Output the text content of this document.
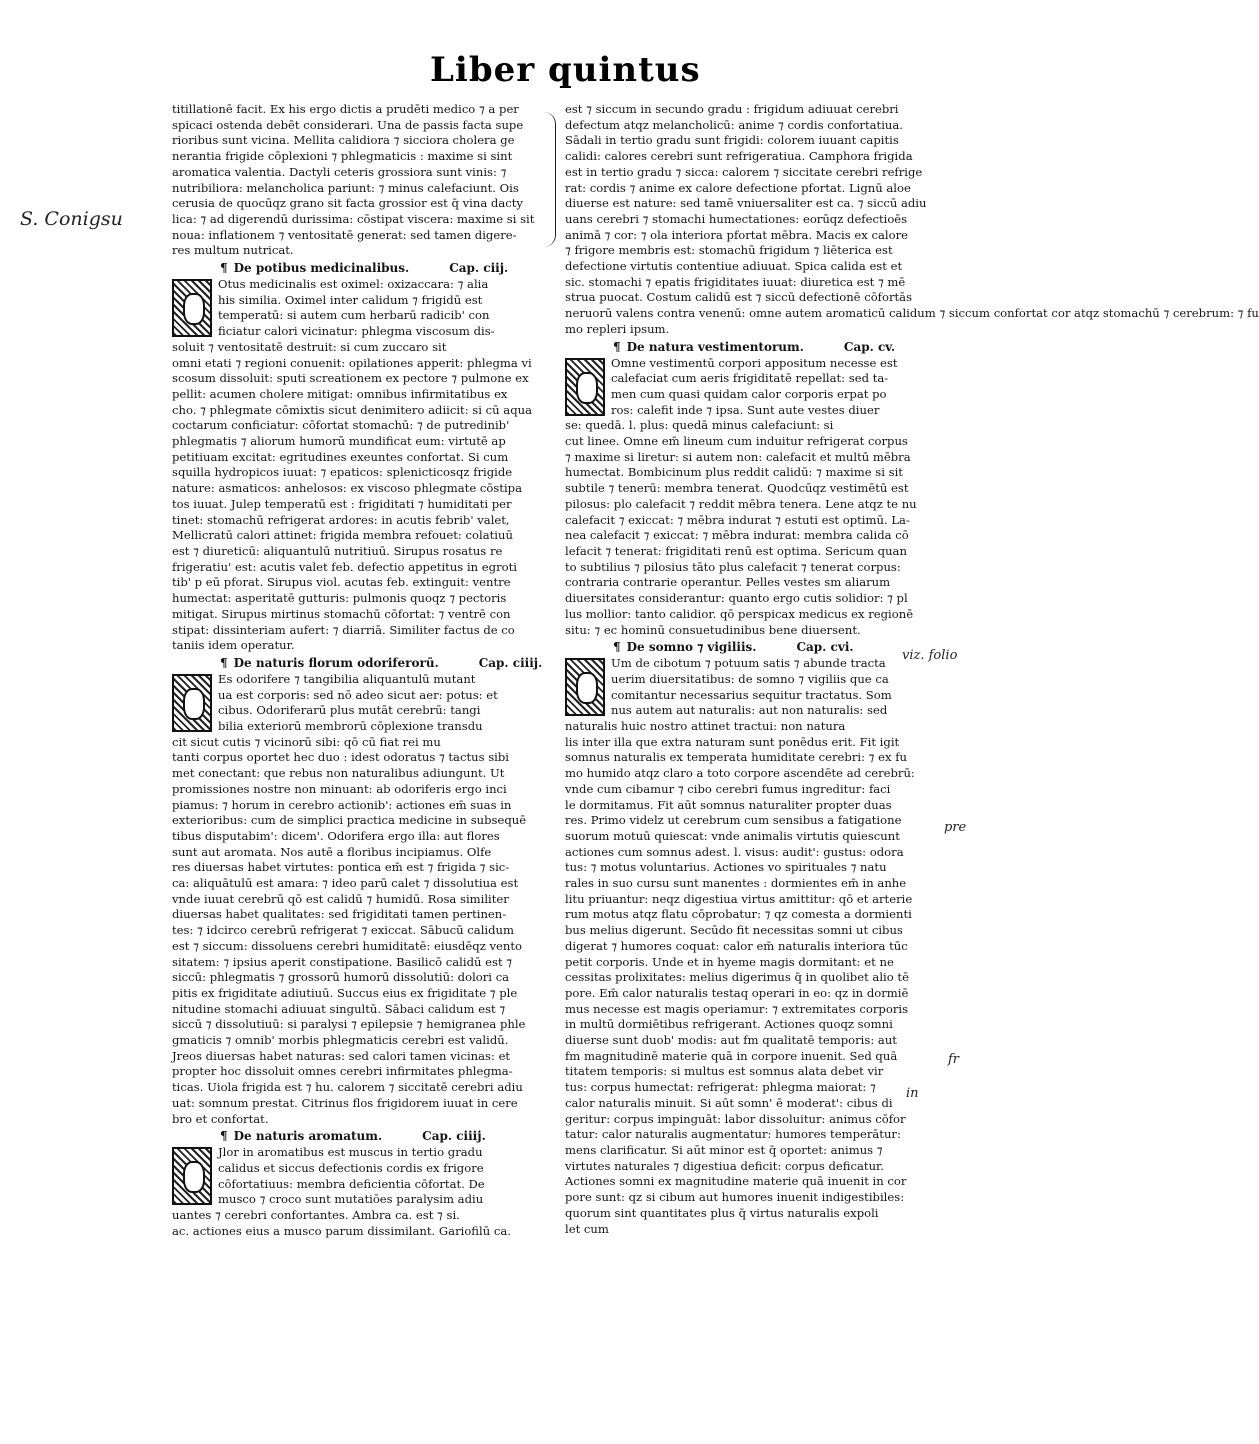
Liber quintus
S. Conigsu
titillationē facit. Ex his ergo dictis a prudēti medico ⁊ a per
spicaci ostenda debēt considerari. Una de passis facta supe
rioribus sunt vicina. Mellita calidiora ⁊ sicciora cholera ge
nerantia frigide cōplexioni ⁊ phlegmaticis : maxime si sint
aromatica valentia. Dactyli ceteris grossiora sunt vinis: ⁊
nutribiliora: melancholica pariunt: ⁊ minus calefaciunt. Ois
cerusia de quocūqz grano sit facta grossior est q̄ vina dacty
lica: ⁊ ad digerendū durissima: cōstipat viscera: maxime si sit
noua: inflationem ⁊ ventositatē generat: sed tamen digere-
res multum nutricat.
¶ De potibus medicinalibus.	Cap. ciij.
Otus medicinalis est oximel: oxizaccara: ⁊ alia
his similia. Oximel inter calidum ⁊ frigidū est
temperatū: si autem cum herbarū radicib' con
ficiatur calori vicinatur: phlegma viscosum dis-
soluit ⁊ ventositatē destruit: si cum zuccaro sit
omni etati ⁊ regioni conuenit: opilationes apperit: phlegma vi
scosum dissoluit: sputi screationem ex pectore ⁊ pulmone ex
pellit: acumen cholere mitigat: omnibus infirmitatibus ex
cho. ⁊ phlegmate cōmixtis sicut denimitero adiicit: si cū aqua
coctarum conficiatur: cōfortat stomachū: ⁊ de putredinib'
phlegmatis ⁊ aliorum humorū mundificat eum: virtutē ap
petitiuam excitat: egritudines exeuntes confortat. Si cum
squilla hydropicos iuuat: ⁊ epaticos: splenicticosqz frigide
nature: asmaticos: anhelosos: ex viscoso phlegmate cōstipa
tos iuuat. Julep temperatū est : frigiditati ⁊ humiditati per
tinet: stomachū refrigerat ardores: in acutis febrib' valet,
Mellicratū calori attinet: frigida membra refouet: colatiuū
est ⁊ diureticū: aliquantulū nutritiuū. Sirupus rosatus re
frigeratiu' est: acutis valet feb. defectio appetitus in egroti
tib' p eū pforat. Sirupus viol. acutas feb. extinguit: ventre
humectat: asperitatē gutturis: pulmonis quoqz ⁊ pectoris
mitigat. Sirupus mirtinus stomachū cōfortat: ⁊ ventrē con
stipat: dissinteriam aufert: ⁊ diarriā. Similiter factus de co
taniis idem operatur.
¶ De naturis florum odoriferorū.	Cap. ciiij.
Es odorifere ⁊ tangibilia aliquantulū mutant
ua est corporis: sed nō adeo sicut aer: potus: et
cibus. Odoriferarū plus mutāt cerebrū: tangi
bilia exteriorū membrorū cōplexione transdu
cit sicut cutis ⁊ vicinorū sibi: qō cū fiat rei mu
tanti corpus oportet hec duo : idest odoratus ⁊ tactus sibi
met conectant: que rebus non naturalibus adiungunt. Ut
promissiones nostre non minuant: ab odoriferis ergo inci
piamus: ⁊ horum in cerebro actionib': actiones em̄ suas in
exterioribus: cum de simplici practica medicine in subsequē
tibus disputabim': dicem'. Odorifera ergo illa: aut flores
sunt aut aromata. Nos autē a floribus incipiamus. Olfe
res diuersas habet virtutes: pontica em̄ est ⁊ frigida ⁊ sic-
ca: aliquātulū est amara: ⁊ ideo parū calet ⁊ dissolutiua est
vnde iuuat cerebrū qō est calidū ⁊ humidū. Rosa similiter
diuersas habet qualitates: sed frigiditati tamen pertinen-
tes: ⁊ idcirco cerebrū refrigerat ⁊ exiccat. Sābucū calidum
est ⁊ siccum: dissoluens cerebri humiditatē: eiusdēqz vento
sitatem: ⁊ ipsius aperit constipatione. Basilicō calidū est ⁊
siccū: phlegmatis ⁊ grossorū humorū dissolutiū: dolori ca
pitis ex frigiditate adiutiuū. Succus eius ex frigiditate ⁊ ple
nitudine stomachi adiuuat singultū. Sābaci calidum est ⁊
siccū ⁊ dissolutiuū: si paralysi ⁊ epilepsie ⁊ hemigranea phle
gmaticis ⁊ omnib' morbis phlegmaticis cerebri est validū.
Jreos diuersas habet naturas: sed calori tamen vicinas: et
propter hoc dissoluit omnes cerebri infirmitates phlegma-
ticas. Uiola frigida est ⁊ hu. calorem ⁊ siccitatē cerebri adiu
uat: somnum prestat. Citrinus flos frigidorem iuuat in cere
bro et confortat.
¶ De naturis aromatum.	Cap. ciiij.
Jlor in aromatibus est muscus in tertio gradu
calidus et siccus defectionis cordis ex frigore
cōfortatiuus: membra deficientia cōfortat. De
musco ⁊ croco sunt mutatiōes paralysim adiu
uantes ⁊ cerebri confortantes. Ambra ca. est ⁊ si.
ac. actiones eius a musco parum dissimilant. Gariofilū ca.
est ⁊ siccum in secundo gradu : frigidum adiuuat cerebri
defectum atqz melancholicū: anime ⁊ cordis confortatiua.
Sādali in tertio gradu sunt frigidi: colorem iuuant capitis
calidi: calores cerebri sunt refrigeratiua. Camphora frigida
est in tertio gradu ⁊ sicca: calorem ⁊ siccitate cerebri refrige
rat: cordis ⁊ anime ex calore defectione pfortat. Lignū aloe
diuerse est nature: sed tamē vniuersaliter est ca. ⁊ siccū adiu
uans cerebri ⁊ stomachi humectationes: eorūqz defectioēs
animā ⁊ cor: ⁊ ola interiora pfortat mēbra. Macis ex calore
⁊ frigore membris est: stomachū frigidum ⁊ liēterica est
defectione virtutis contentiue adiuuat. Spica calida est et
sic. stomachi ⁊ epatis frigiditates iuuat: diuretica est ⁊ mē
strua puocat. Costum calidū est ⁊ siccū defectionē cōfortās
neruorū valens contra venenū: omne autem aromaticū calidum ⁊ siccum confortat cor atqz stomachū ⁊ cerebrum: ⁊ fu
mo repleri ipsum.
¶ De natura vestimentorum.	Cap. cv.
Omne vestimentū corpori appositum necesse est
calefaciat cum aeris frigiditatē repellat: sed ta-
men cum quasi quidam calor corporis erpat po
ros: calefit inde ⁊ ipsa. Sunt aute vestes diuer
se: quedā. l. plus: quedā minus calefaciunt: si
cut linee. Omne em̄ lineum cum induitur refrigerat corpus
⁊ maxime si liretur: si autem non: calefacit et multū mēbra
humectat. Bombicinum plus reddit calidū: ⁊ maxime si sit
subtile ⁊ tenerū: membra tenerat. Quodcūqz vestimētū est
pilosus: plo calefacit ⁊ reddit mēbra tenera. Lene atqz te nu
calefacit ⁊ exiccat: ⁊ mēbra indurat ⁊ estuti est optimū. La-
nea calefacit ⁊ exiccat: ⁊ mēbra indurat: membra calida cō
lefacit ⁊ tenerat: frigiditati renū est optima. Sericum quan
to subtilius ⁊ pilosius tāto plus calefacit ⁊ tenerat corpus:
contraria contrarie operantur. Pelles vestes sm aliarum
diuersitates considerantur: quanto ergo cutis solidior: ⁊ pl
lus mollior: tanto calidior. qō perspicax medicus ex regionē
situ: ⁊ ec hominū consuetudinibus bene diuersent.
¶ De somno ⁊ vigiliis.	Cap. cvi.
Um de cibotum ⁊ potuum satis ⁊ abunde tracta
uerim diuersitatibus: de somno ⁊ vigiliis que ca
comitantur necessarius sequitur tractatus. Som
nus autem aut naturalis: aut non naturalis: sed
naturalis huic nostro attinet tractui: non natura
lis inter illa que extra naturam sunt ponēdus erit. Fit igit
somnus naturalis ex temperata humiditate cerebri: ⁊ ex fu
mo humido atqz claro a toto corpore ascendēte ad cerebrū:
vnde cum cibamur ⁊ cibo cerebri fumus ingreditur: faci
le dormitamus. Fit aūt somnus naturaliter propter duas
res. Primo videlz ut cerebrum cum sensibus a fatigatione
suorum motuū quiescat: vnde animalis virtutis quiescunt
actiones cum somnus adest. l. visus: audit': gustus: odora
tus: ⁊ motus voluntarius. Actiones vo spirituales ⁊ natu
rales in suo cursu sunt manentes : dormientes em̄ in anhe
litu priuantur: neqz digestiua virtus amittitur: qō et arterie
rum motus atqz flatu cōprobatur: ⁊ qz comesta a dormienti
bus melius digerunt. Secūdo fit necessitas somni ut cibus
digerat ⁊ humores coquat: calor em̄ naturalis interiora tūc
petit corporis. Unde et in hyeme magis dormitant: et ne
cessitas prolixitates: melius digerimus q̄ in quolibet alio tē
pore. Em̄ calor naturalis testaq operari in eo: qz in dormiē
mus necesse est magis operiamur: ⁊ extremitates corporis
in multū dormiētibus refrigerant. Actiones quoqz somni
diuerse sunt duob' modis: aut fm qualitatē temporis: aut
fm magnitudinē materie quā in corpore inuenit. Sed quā
titatem temporis: si multus est somnus alata debet vir
tus: corpus humectat: refrigerat: phlegma maiorat: ⁊
calor naturalis minuit. Si aūt somn' ē moderat': cibus di
geritur: corpus impinguāt: labor dissoluitur: animus cōfor
tatur: calor naturalis augmentatur: humores temperātur:
mens clarificatur. Si aūt minor est q̄ oportet: animus ⁊
virtutes naturales ⁊ digestiua deficit: corpus deficatur.
Actiones somni ex magnitudine materie quā inuenit in cor
pore sunt: qz si cibum aut humores inuenit indigestibiles:
quorum sint quantitates plus q̄ virtus naturalis expoli
let cum
viz. folio
pre
fr
in
